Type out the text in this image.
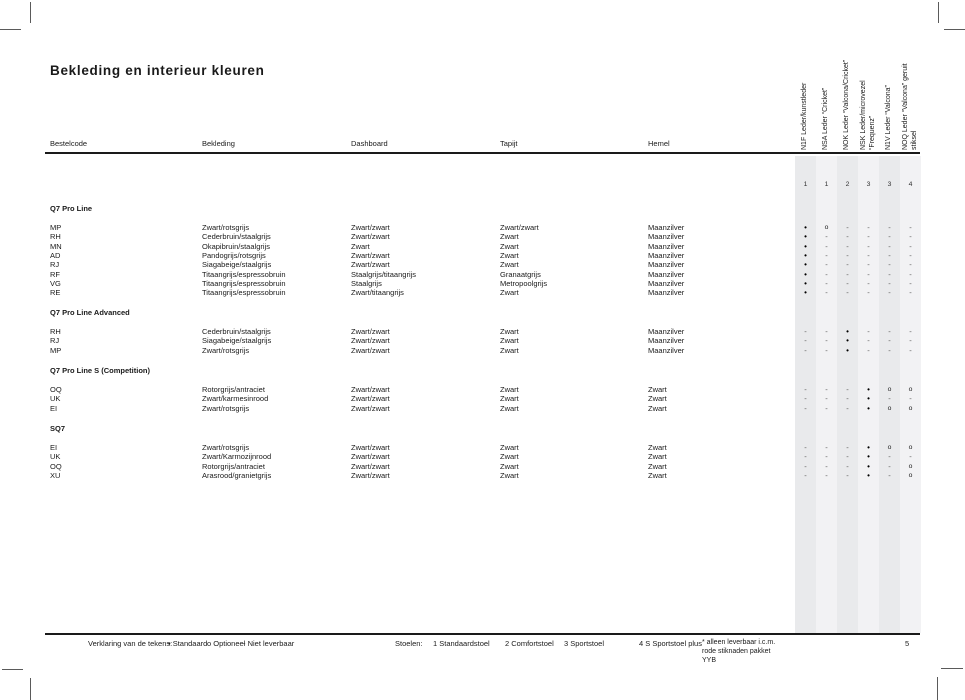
Bekleding en interieur kleuren
N1F Leder/kunstleder NSA Leder “Cricket” NOK Leder “Valcona/Cricket” NSK Leder/microvezel “Frequenz” N1V Leder “Valcona” NOQ Leder “Valcona” geruit stiksel
1	1	2	3	3	4
Bestelcode	Bekleding	Dashboard	Tapijt	Hemel
Q7 Pro Line
MP	Zwart/rotsgrijs	Zwart/zwart	Zwart/zwart	Maanzilver	•	o	-	-	-	-
RH	Cederbruin/staalgrijs	Zwart/zwart	Zwart	Maanzilver	•	-	-	-	-	-
MN	Okapibruin/staalgrijs	Zwart	Zwart	Maanzilver	•	-	-	-	-	-
AD	Pandogrijs/rotsgrijs	Zwart/zwart	Zwart	Maanzilver	•	-	-	-	-	-
RJ	Siagabeige/staalgrijs	Zwart/zwart	Zwart	Maanzilver	•	-	-	-	-	-
RF	Titaangrijs/espressobruin	Staalgrijs/titaangrijs	Granaatgrijs	Maanzilver	•	-	-	-	-	-
VG	Titaangrijs/espressobruin	Staalgrijs	Metropoolgrijs	Maanzilver	•	-	-	-	-	-
RE	Titaangrijs/espressobruin	Zwart/titaangrijs	Zwart	Maanzilver	•	-	-	-	-	-
Q7 Pro Line Advanced
RH	Cederbruin/staalgrijs	Zwart/zwart	Zwart	Maanzilver	-	-	•	-	-	-
RJ	Siagabeige/staalgrijs	Zwart/zwart	Zwart	Maanzilver	-	-	•	-	-	-
MP	Zwart/rotsgrijs	Zwart/zwart	Zwart	Maanzilver	-	-	•	-	-	-
Q7 Pro Line S (Competition)
OQ	Rotorgrijs/antraciet	Zwart/zwart	Zwart	Zwart	-	-	-	•	o	o
UK	Zwart/karmesinrood	Zwart/zwart	Zwart	Zwart	-	-	-	•	-	-
EI	Zwart/rotsgrijs	Zwart/zwart	Zwart	Zwart	-	-	-	•	o	o
SQ7
EI	Zwart/rotsgrijs	Zwart/zwart	Zwart	Zwart	-	-	-	•	o	o
UK	Zwart/Karmozijnrood	Zwart/zwart	Zwart	Zwart	-	-	-	•	-	-
OQ	Rotorgrijs/antraciet	Zwart/zwart	Zwart	Zwart	-	-	-	•	-	o
XU	Arasrood/granietgrijs	Zwart/zwart	Zwart	Zwart	-	-	-	•	-	o
Verklaring van de tekens:	Stoelen:	5
• Standaard o Optioneel
- Niet leverbaar	1 Standaardstoel 2 Comfortstoel 3 Sportstoel	4 S Sportstoel plus * alleen leverbaar i.c.m.
rode stiknaden pakket
YYB
